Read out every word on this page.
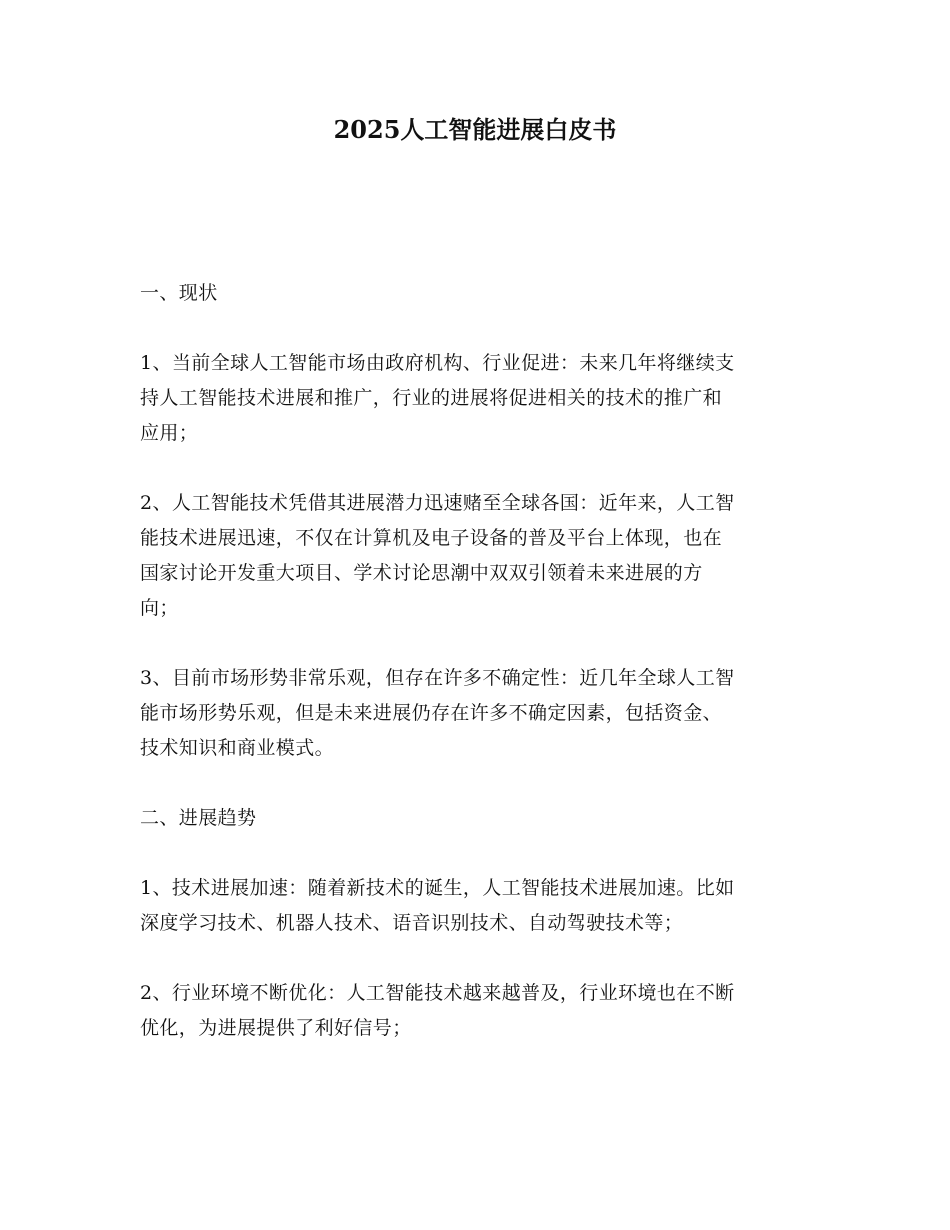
2025人工智能进展白皮书

一、现状

1、当前全球人工智能市场由政府机构、行业促进：未来几年将继续支
持人工智能技术进展和推广，行业的进展将促进相关的技术的推广和
应用；

2、人工智能技术凭借其进展潜力迅速赌至全球各国：近年来，人工智
能技术进展迅速，不仅在计算机及电子设备的普及平台上体现，也在
国家讨论开发重大项目、学术讨论思潮中双双引领着未来进展的方
向；

3、目前市场形势非常乐观，但存在许多不确定性：近几年全球人工智
能市场形势乐观，但是未来进展仍存在许多不确定因素，包括资金、
技术知识和商业模式。

二、进展趋势

1、技术进展加速：随着新技术的诞生，人工智能技术进展加速。比如
深度学习技术、机器人技术、语音识别技术、自动驾驶技术等；

2、行业环境不断优化：人工智能技术越来越普及，行业环境也在不断
优化，为进展提供了利好信号；
